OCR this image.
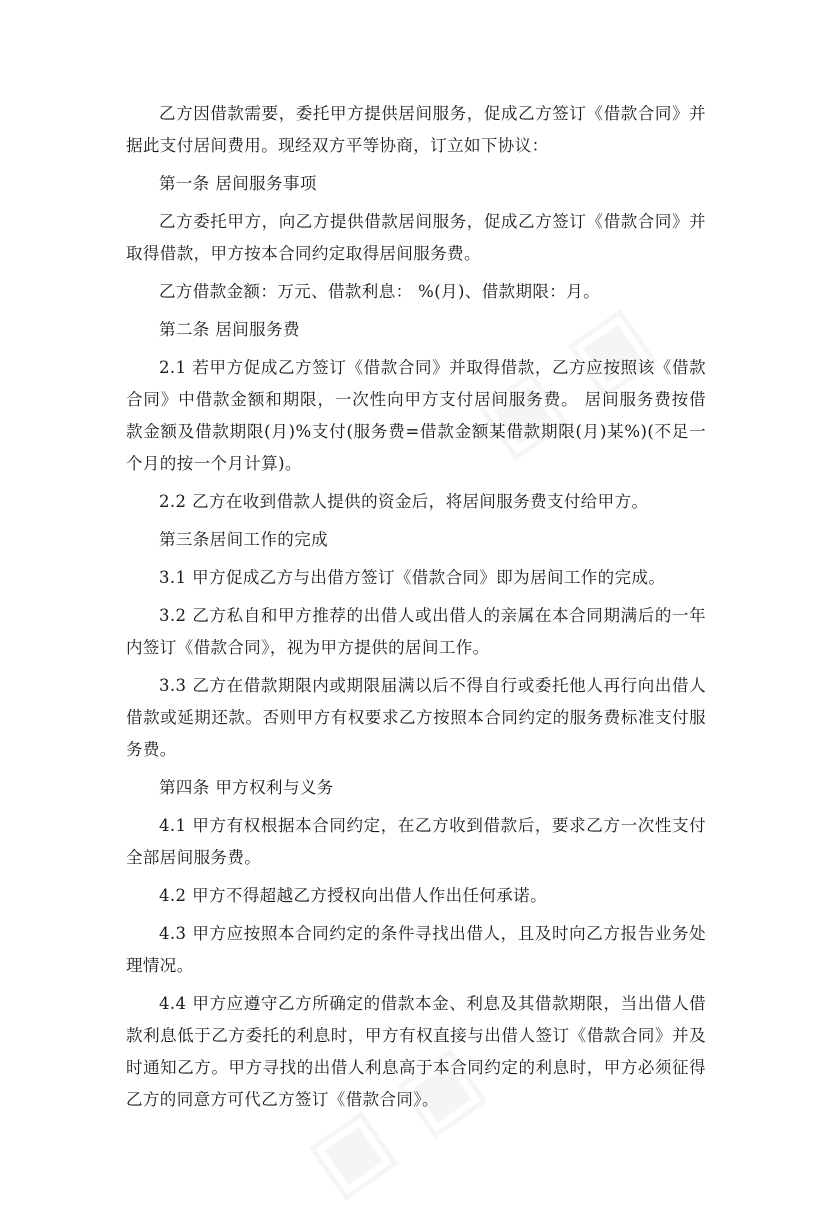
乙方因借款需要，委托甲方提供居间服务，促成乙方签订《借款合同》并据此支付居间费用。现经双方平等协商，订立如下协议：

第一条 居间服务事项

乙方委托甲方，向乙方提供借款居间服务，促成乙方签订《借款合同》并取得借款，甲方按本合同约定取得居间服务费。

乙方借款金额：万元、借款利息： %(月)、借款期限：月。

第二条 居间服务费

2.1 若甲方促成乙方签订《借款合同》并取得借款，乙方应按照该《借款合同》中借款金额和期限，一次性向甲方支付居间服务费。 居间服务费按借款金额及借款期限(月)%支付(服务费=借款金额某借款期限(月)某%)(不足一个月的按一个月计算)。

2.2 乙方在收到借款人提供的资金后，将居间服务费支付给甲方。

第三条居间工作的完成

3.1 甲方促成乙方与出借方签订《借款合同》即为居间工作的完成。

3.2 乙方私自和甲方推荐的出借人或出借人的亲属在本合同期满后的一年内签订《借款合同》，视为甲方提供的居间工作。

3.3 乙方在借款期限内或期限届满以后不得自行或委托他人再行向出借人借款或延期还款。否则甲方有权要求乙方按照本合同约定的服务费标准支付服务费。

第四条 甲方权利与义务

4.1 甲方有权根据本合同约定，在乙方收到借款后，要求乙方一次性支付全部居间服务费。

4.2 甲方不得超越乙方授权向出借人作出任何承诺。

4.3 甲方应按照本合同约定的条件寻找出借人，且及时向乙方报告业务处理情况。

4.4 甲方应遵守乙方所确定的借款本金、利息及其借款期限，当出借人借款利息低于乙方委托的利息时，甲方有权直接与出借人签订《借款合同》并及时通知乙方。甲方寻找的出借人利息高于本合同约定的利息时，甲方必须征得乙方的同意方可代乙方签订《借款合同》。
